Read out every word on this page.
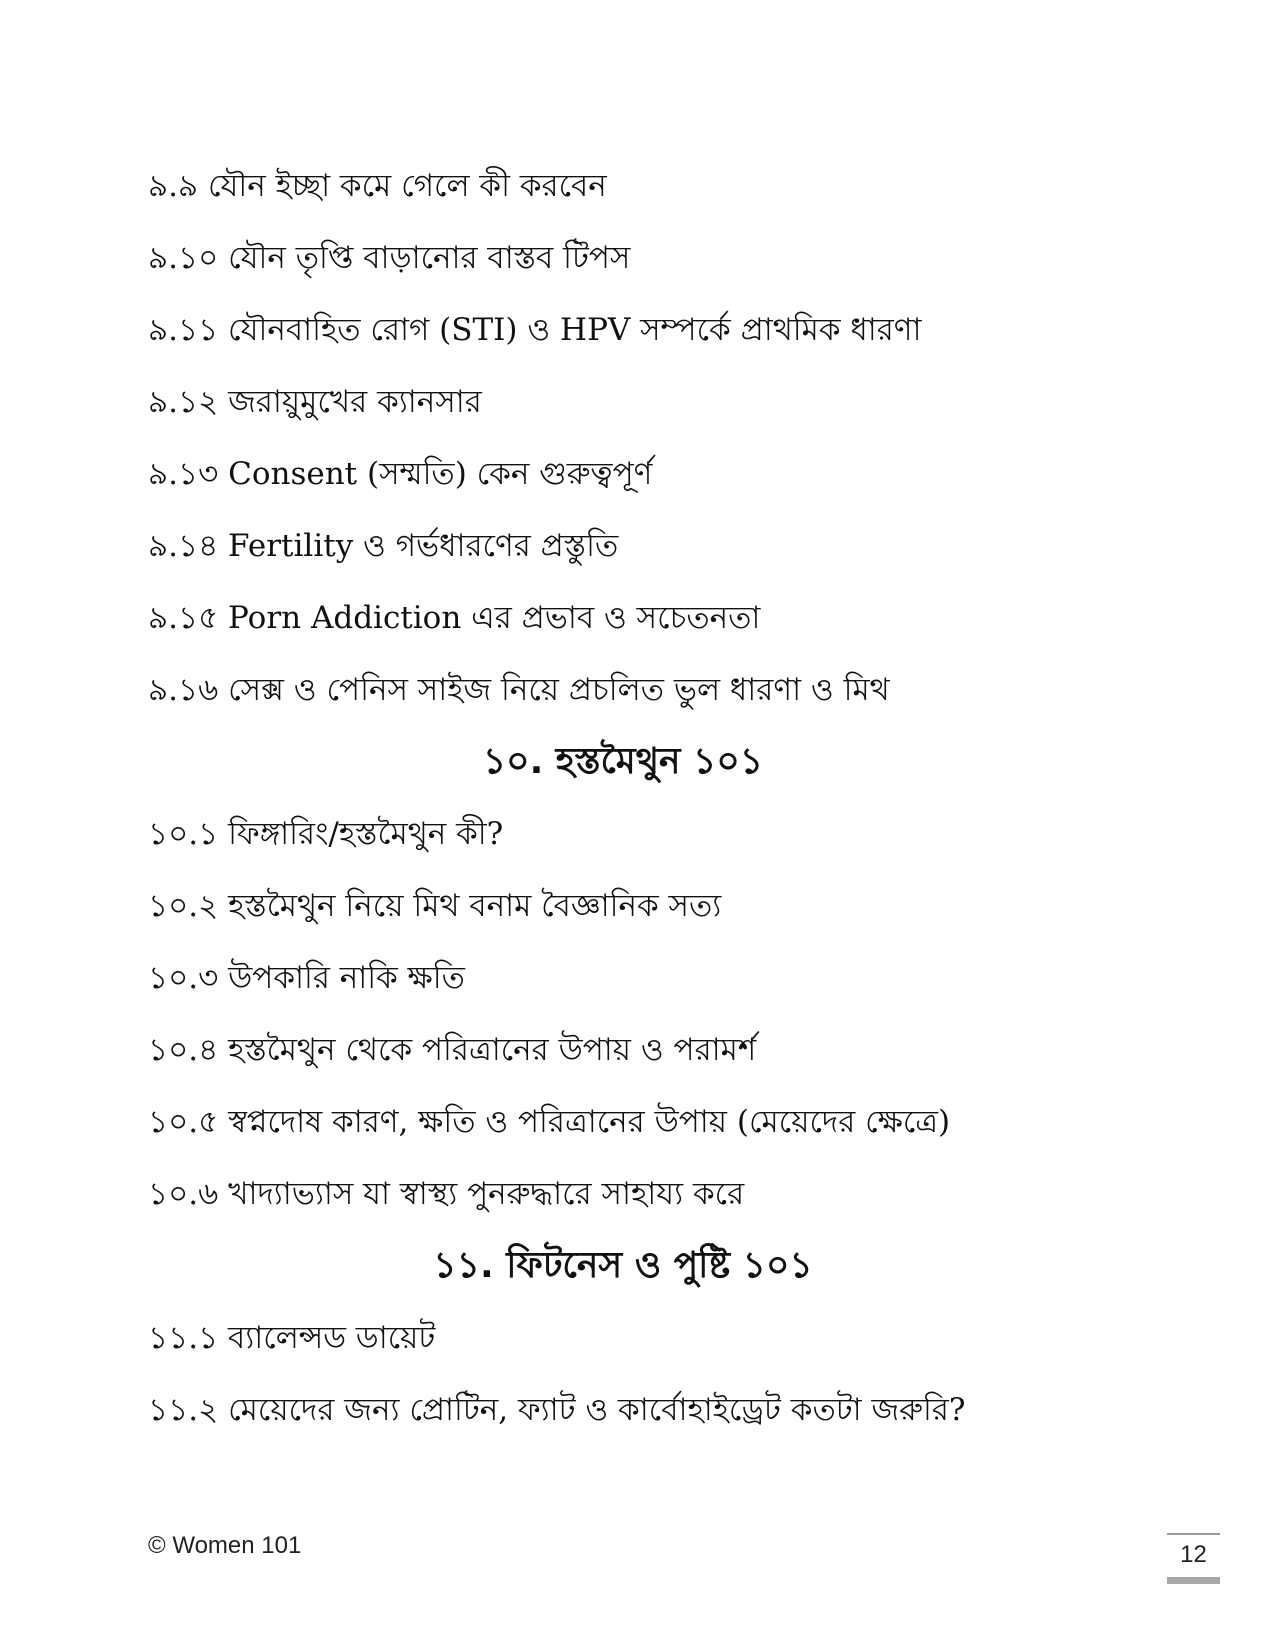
৯.৯ যৌন ইচ্ছা কমে গেলে কী করবেন
৯.১০ যৌন তৃপ্তি বাড়ানোর বাস্তব টিপস
৯.১১ যৌনবাহিত রোগ (STI) ও HPV সম্পর্কে প্রাথমিক ধারণা
৯.১২ জরায়ুমুখের ক্যানসার
৯.১৩ Consent (সম্মতি) কেন গুরুত্বপূর্ণ
৯.১৪ Fertility ও গর্ভধারণের প্রস্তুতি
৯.১৫ Porn Addiction এর প্রভাব ও সচেতনতা
৯.১৬ সেক্স ও পেনিস সাইজ নিয়ে প্রচলিত ভুল ধারণা ও মিথ
১০. হস্তমৈথুন ১০১
১০.১ ফিঙ্গারিং/হস্তমৈথুন কী?
১০.২ হস্তমৈথুন নিয়ে মিথ বনাম বৈজ্ঞানিক সত্য
১০.৩ উপকারি নাকি ক্ষতি
১০.৪ হস্তমৈথুন থেকে পরিত্রানের উপায় ও পরামর্শ
১০.৫ স্বপ্নদোষ কারণ, ক্ষতি ও পরিত্রানের উপায় (মেয়েদের ক্ষেত্রে)
১০.৬ খাদ্যাভ্যাস যা স্বাস্থ্য পুনরুদ্ধারে সাহায্য করে
১১. ফিটনেস ও পুষ্টি ১০১
১১.১ ব্যালেন্সড ডায়েট
১১.২ মেয়েদের জন্য প্রোটিন, ফ্যাট ও কার্বোহাইড্রেট কতটা জরুরি?
© Women 101	12
